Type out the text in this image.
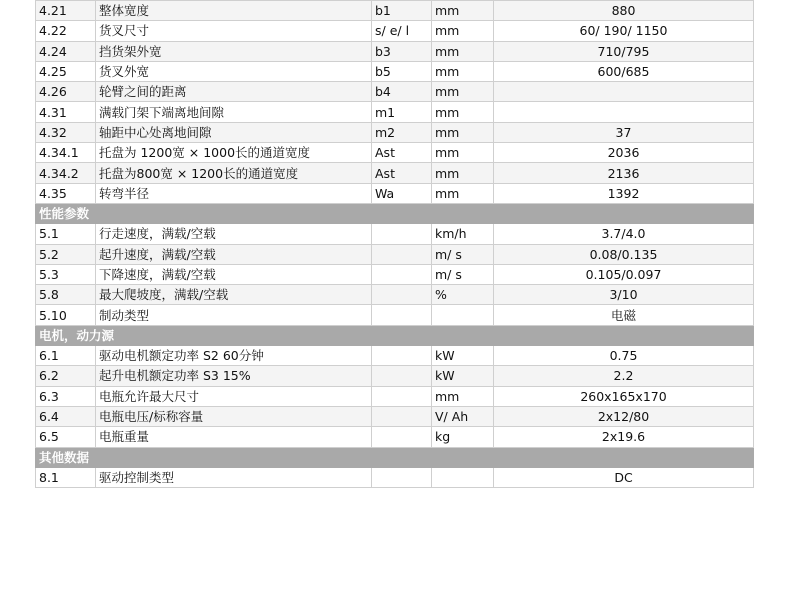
4.21	整体宽度	b1	mm	880
4.22	货叉尺寸	s/ e/ l	mm	60/ 190/ 1150
4.24	挡货架外宽	b3	mm	710/795
4.25	货叉外宽	b5	mm	600/685
4.26	轮臂之间的距离	b4	mm	
4.31	满载门架下端离地间隙	m1	mm	
4.32	轴距中心处离地间隙	m2	mm	37
4.34.1	托盘为 1200宽 × 1000长的通道宽度	Ast	mm	2036
4.34.2	托盘为800宽 × 1200长的通道宽度	Ast	mm	2136
4.35	转弯半径	Wa	mm	1392
性能参数				
5.1	行走速度，满载/空载		km/h	3.7/4.0
5.2	起升速度，满载/空载		m/ s	0.08/0.135
5.3	下降速度，满载/空载		m/ s	0.105/0.097
5.8	最大爬坡度，满载/空载		%	3/10
5.10	制动类型			电磁
电机，动力源				
6.1	驱动电机额定功率 S2 60分钟		kW	0.75
6.2	起升电机额定功率 S3 15%		kW	2.2
6.3	电瓶允许最大尺寸		mm	260x165x170
6.4	电瓶电压/标称容量		V/ Ah	2x12/80
6.5	电瓶重量		kg	2x19.6
其他数据				
8.1	驱动控制类型			DC
